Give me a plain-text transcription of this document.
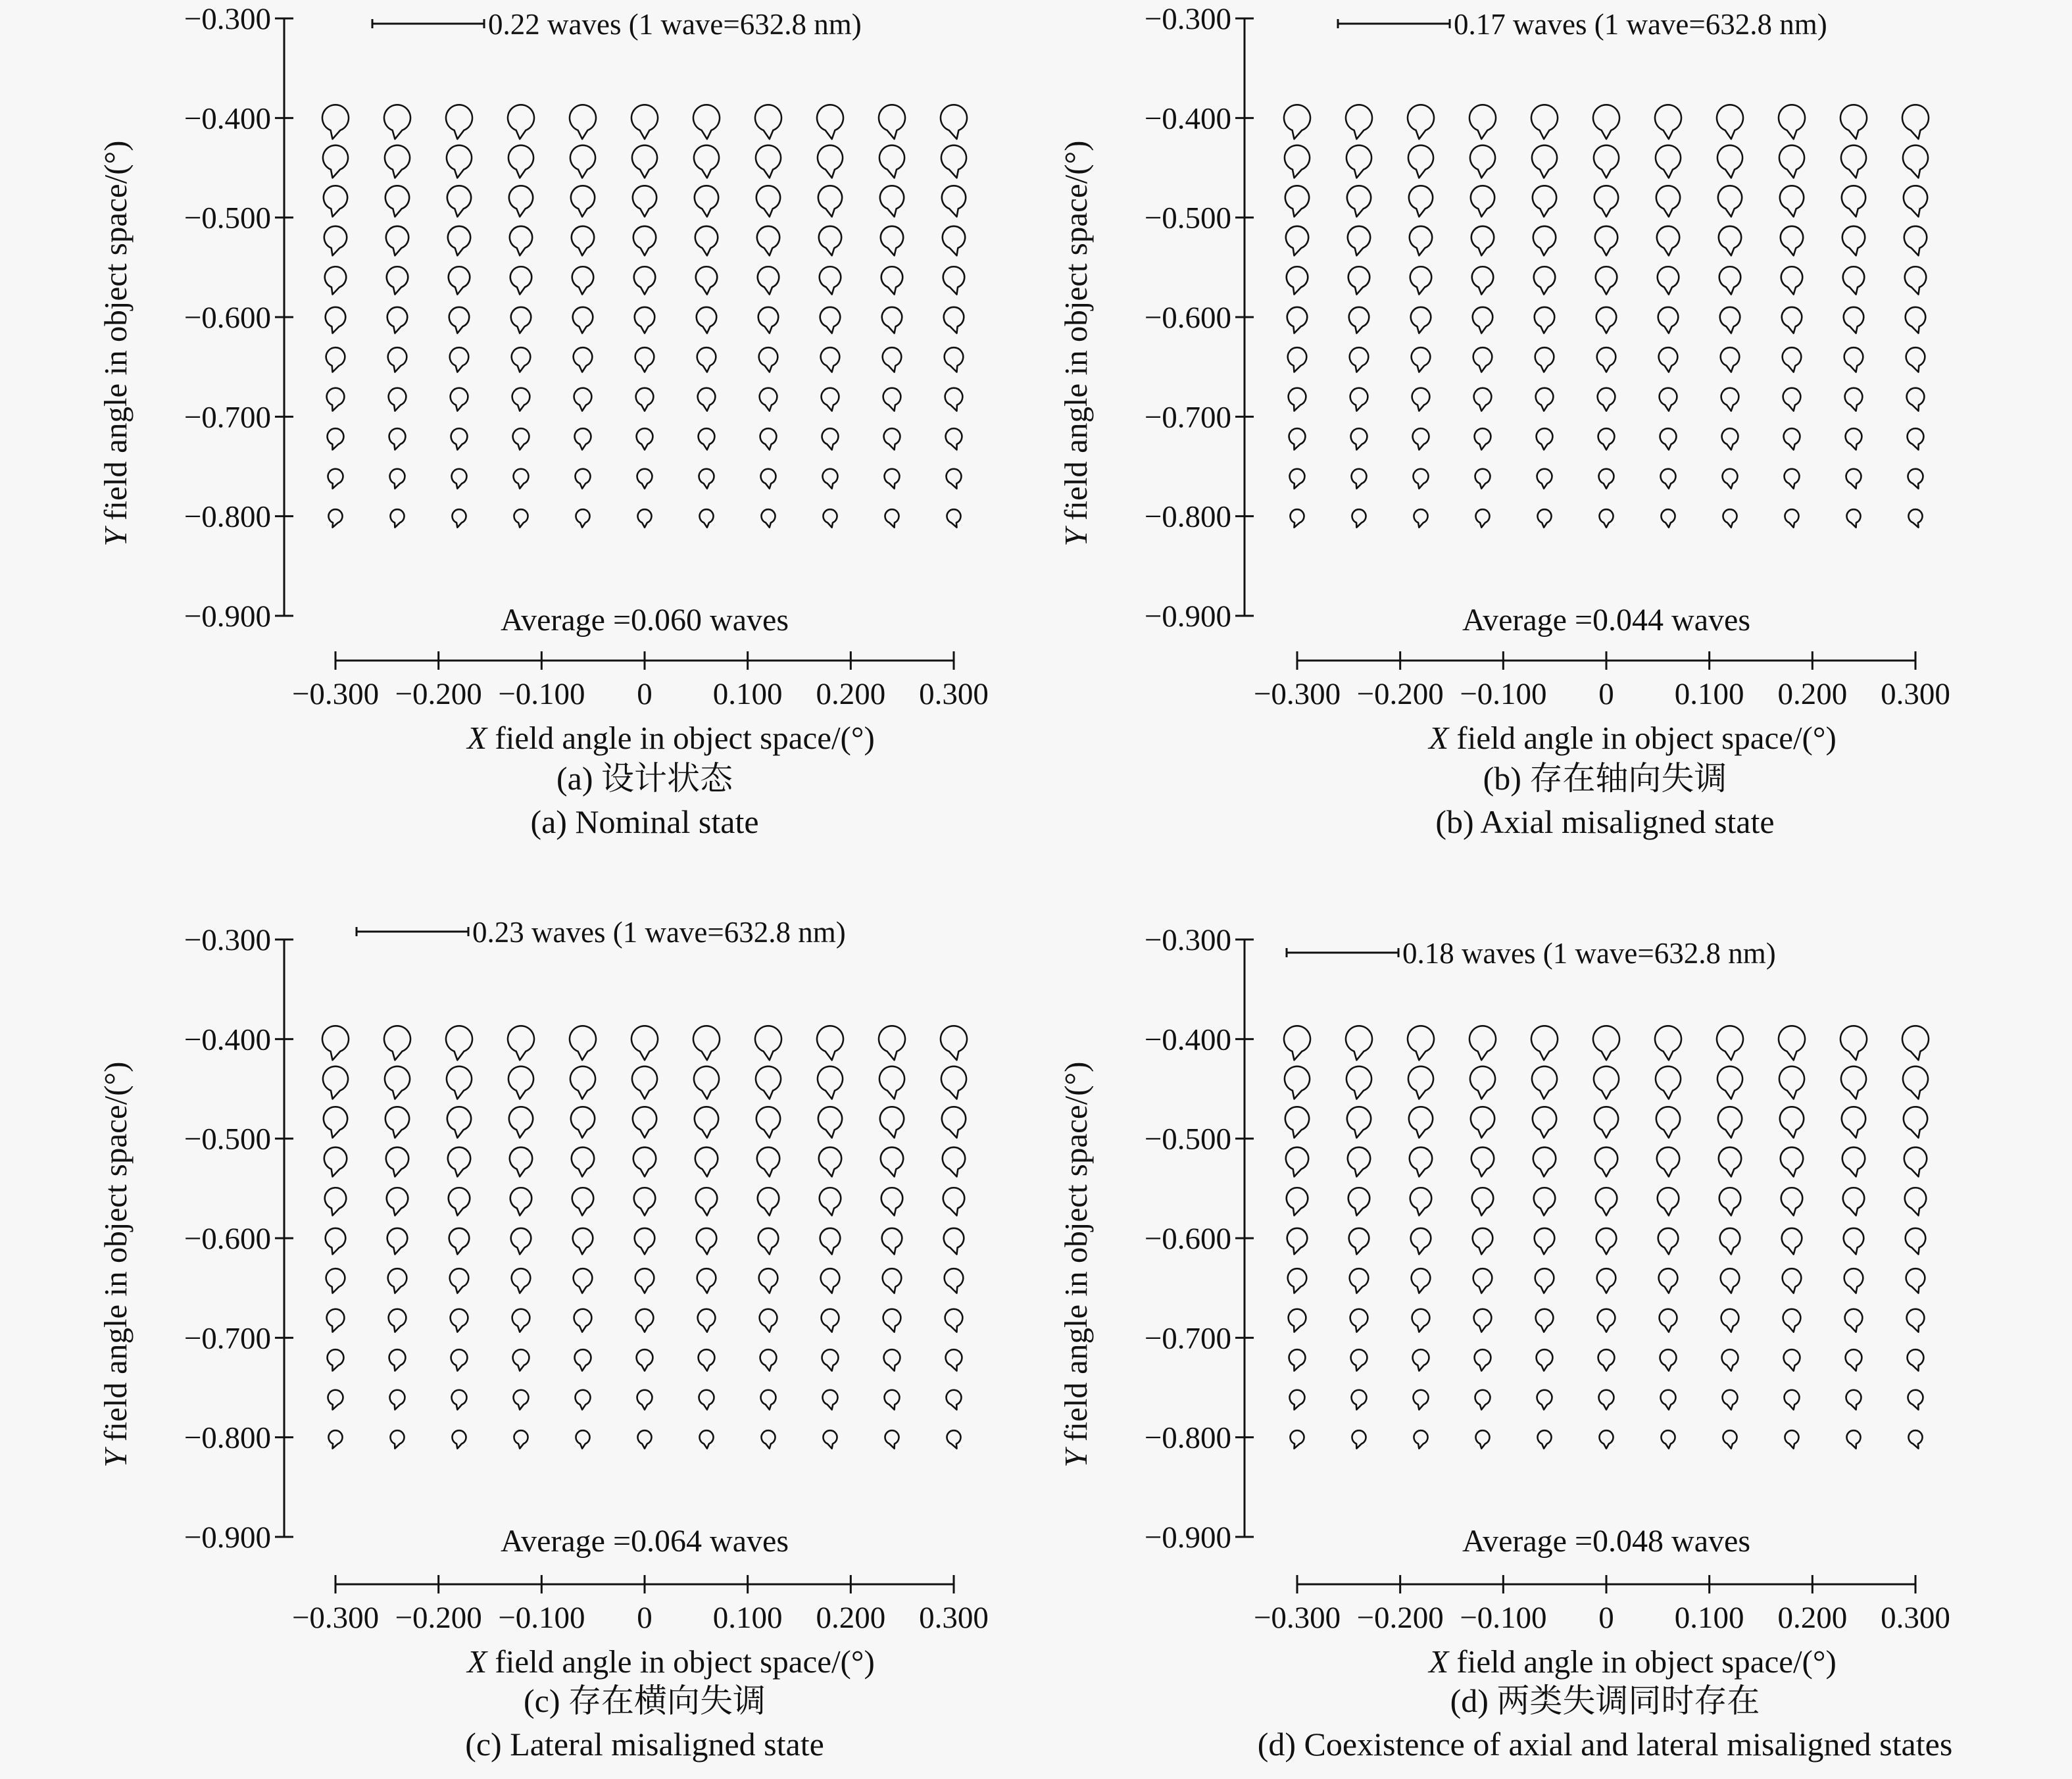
−0.300
−0.400
−0.500
−0.600
−0.700
−0.800
−0.900
Y field angle in object space/(°)
−0.300 −0.200 −0.100 0 0.100 0.200 0.300
X field angle in object space/(°)
0.22 waves (1 wave=632.8 nm)
Average =0.060 waves
(a) 设计状态
(a) Nominal state
−0.300
−0.400
−0.500
−0.600
−0.700
−0.800
−0.900
Y field angle in object space/(°)
−0.300 −0.200 −0.100 0 0.100 0.200 0.300
X field angle in object space/(°)
0.17 waves (1 wave=632.8 nm)
Average =0.044 waves
(b) 存在轴向失调
(b) Axial misaligned state
−0.300
−0.400
−0.500
−0.600
−0.700
−0.800
−0.900
Y field angle in object space/(°)
−0.300 −0.200 −0.100 0 0.100 0.200 0.300
X field angle in object space/(°)
0.23 waves (1 wave=632.8 nm)
Average =0.064 waves
(c) 存在横向失调
(c) Lateral misaligned state
−0.300
−0.400
−0.500
−0.600
−0.700
−0.800
−0.900
Y field angle in object space/(°)
−0.300 −0.200 −0.100 0 0.100 0.200 0.300
X field angle in object space/(°)
0.18 waves (1 wave=632.8 nm)
Average =0.048 waves
(d) 两类失调同时存在
(d) Coexistence of axial and lateral misaligned states
